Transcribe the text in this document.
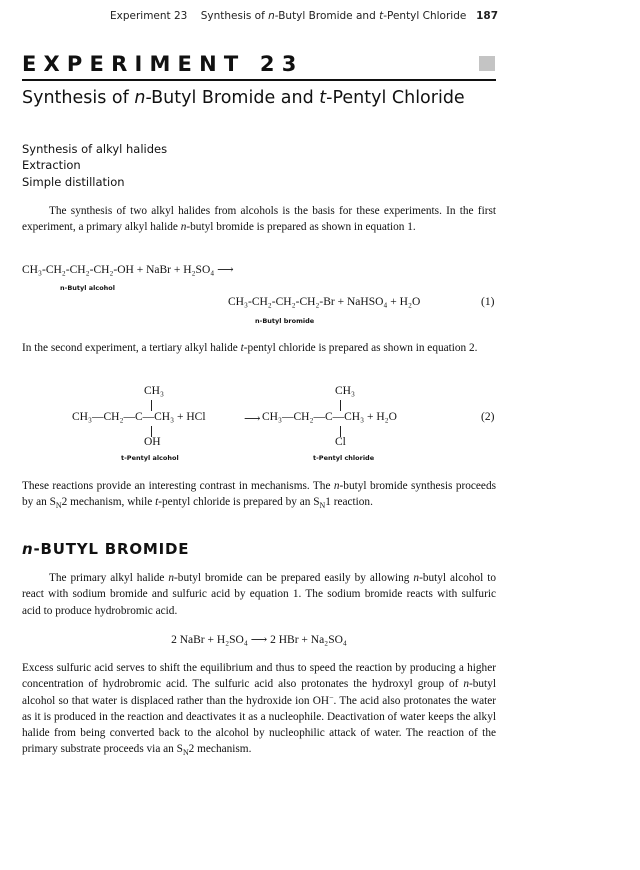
Experiment 23 Synthesis of n-Butyl Bromide and t-Pentyl Chloride 187
EXPERIMENT 23
Synthesis of n-Butyl Bromide and t-Pentyl Chloride
Synthesis of alkyl halides
Extraction
Simple distillation
The synthesis of two alkyl halides from alcohols is the basis for these experiments. In the first experiment, a primary alkyl halide n-butyl bromide is prepared as shown in equation 1.
CH₃-CH₂-CH₂-CH₂-OH + NaBr + H₂SO₄ ⟶
n-Butyl alcohol
CH₃-CH₂-CH₂-CH₂-Br + NaHSO₄ + H₂O	(1)
n-Butyl bromide
In the second experiment, a tertiary alkyl halide t-pentyl chloride is prepared as shown in equation 2.
CH₃
CH₃—CH₂—C—CH₃ + HCl
OH
t-Pentyl alcohol
⟶
CH₃
CH₃—CH₂—C—CH₃ + H₂O
Cl
t-Pentyl chloride
(2)
These reactions provide an interesting contrast in mechanisms. The n-butyl bromide synthesis proceeds by an $S_N2$ mechanism, while t-pentyl chloride is prepared by an $S_N1$ reaction.
n-BUTYL BROMIDE
The primary alkyl halide n-butyl bromide can be prepared easily by allowing n-butyl alcohol to react with sodium bromide and sulfuric acid by equation 1. The sodium bromide reacts with sulfuric acid to produce hydrobromic acid.
2 NaBr + H₂SO₄ ⟶ 2 HBr + Na₂SO₄
Excess sulfuric acid serves to shift the equilibrium and thus to speed the reaction by producing a higher concentration of hydrobromic acid. The sulfuric acid also protonates the hydroxyl group of n-butyl alcohol so that water is displaced rather than the hydroxide ion OH−. The acid also protonates the water as it is produced in the reaction and deactivates it as a nucleophile. Deactivation of water keeps the alkyl halide from being converted back to the alcohol by nucleophilic attack of water. The reaction of the primary substrate proceeds via an $S_N2$ mechanism.
